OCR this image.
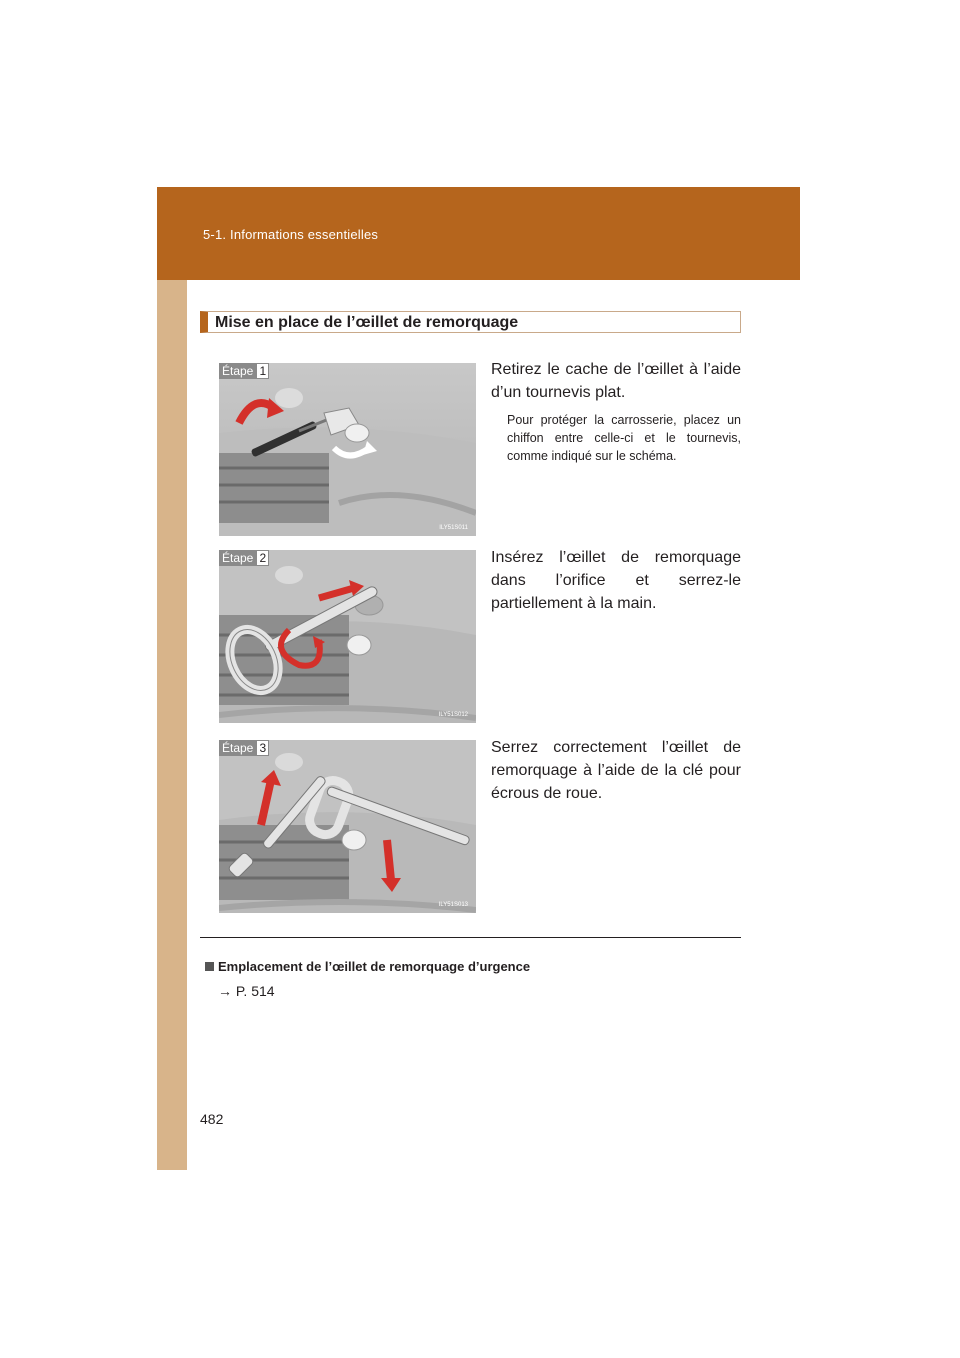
5-1. Informations essentielles
Mise en place de l’œillet de remorquage
Étape 1
ILY51S011
Retirez le cache de l’œillet à l’aide d’un tournevis plat.
Pour protéger la carrosserie, placez un chiffon entre celle-ci et le tournevis, comme indiqué sur le schéma.
Étape 2
ILY51S012
Insérez l’œillet de remorquage dans l’orifice et serrez-le partiellement à la main.
Étape 3
ILY51S013
Serrez correctement l’œillet de remorquage à l’aide de la clé pour écrous de roue.
Emplacement de l’œillet de remorquage d’urgence
→ P. 514
482
